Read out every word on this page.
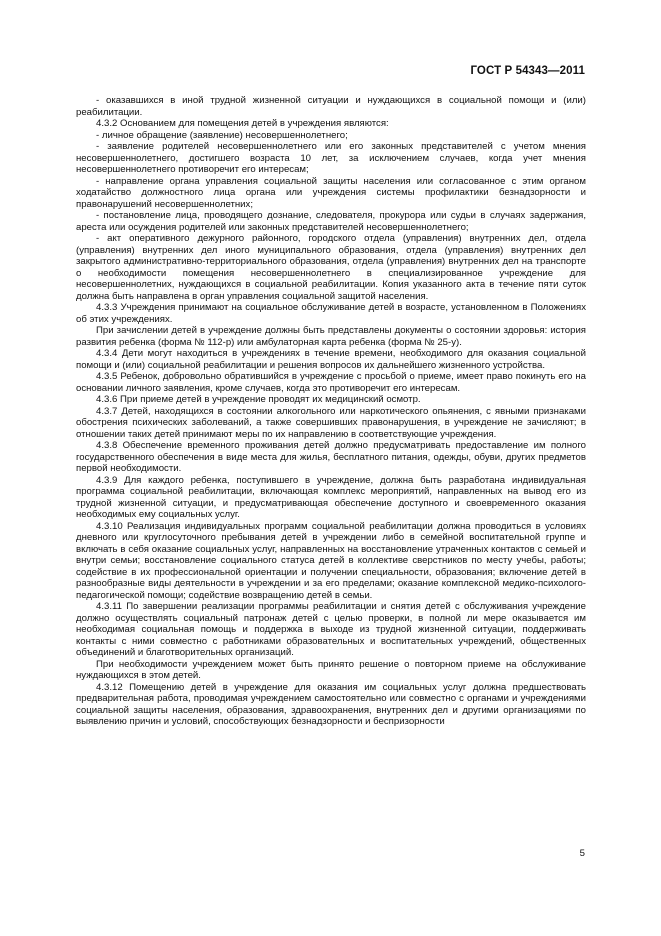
ГОСТ Р 54343—2011

- оказавшихся в иной трудной жизненной ситуации и нуждающихся в социальной помощи и (или) реабилитации.

4.3.2 Основанием для помещения детей в учреждения являются:

- личное обращение (заявление) несовершеннолетнего;

- заявление родителей несовершеннолетнего или его законных представителей с учетом мнения несовершеннолетнего, достигшего возраста 10 лет, за исключением случаев, когда учет мнения несовершеннолетнего противоречит его интересам;

- направление органа управления социальной защиты населения или согласованное с этим органом ходатайство должностного лица органа или учреждения системы профилактики безнадзорности и правонарушений несовершеннолетних;

- постановление лица, проводящего дознание, следователя, прокурора или судьи в случаях задержания, ареста или осуждения родителей или законных представителей несовершеннолетнего;

- акт оперативного дежурного районного, городского отдела (управления) внутренних дел, отдела (управления) внутренних дел иного муниципального образования, отдела (управления) внутренних дел закрытого административно-территориального образования, отдела (управления) внутренних дел на транспорте о необходимости помещения несовершеннолетнего в специализированное учреждение для несовершеннолетних, нуждающихся в социальной реабилитации. Копия указанного акта в течение пяти суток должна быть направлена в орган управления социальной защитой населения.

4.3.3 Учреждения принимают на социальное обслуживание детей в возрасте, установленном в Положениях об этих учреждениях.

При зачислении детей в учреждение должны быть представлены документы о состоянии здоровья: история развития ребенка (форма № 112-р) или амбулаторная карта ребенка (форма № 25-у).

4.3.4 Дети могут находиться в учреждениях в течение времени, необходимого для оказания социальной помощи и (или) социальной реабилитации и решения вопросов их дальнейшего жизненного устройства.

4.3.5 Ребенок, добровольно обратившийся в учреждение с просьбой о приеме, имеет право покинуть его на основании личного заявления, кроме случаев, когда это противоречит его интересам.

4.3.6 При приеме детей в учреждение проводят их медицинский осмотр.

4.3.7 Детей, находящихся в состоянии алкогольного или наркотического опьянения, с явными признаками обострения психических заболеваний, а также совершивших правонарушения, в учреждение не зачисляют; в отношении таких детей принимают меры по их направлению в соответствующие учреждения.

4.3.8 Обеспечение временного проживания детей должно предусматривать предоставление им полного государственного обеспечения в виде места для жилья, бесплатного питания, одежды, обуви, других предметов первой необходимости.

4.3.9 Для каждого ребенка, поступившего в учреждение, должна быть разработана индивидуальная программа социальной реабилитации, включающая комплекс мероприятий, направленных на вывод его из трудной жизненной ситуации, и предусматривающая обеспечение доступного и своевременного оказания необходимых ему социальных услуг.

4.3.10 Реализация индивидуальных программ социальной реабилитации должна проводиться в условиях дневного или круглосуточного пребывания детей в учреждении либо в семейной воспитательной группе и включать в себя оказание социальных услуг, направленных на восстановление утраченных контактов с семьей и внутри семьи; восстановление социального статуса детей в коллективе сверстников по месту учебы, работы; содействие в их профессиональной ориентации и получении специальности, образования; включение детей в разнообразные виды деятельности в учреждении и за его пределами; оказание комплексной медико-психолого-педагогической помощи; содействие возвращению детей в семьи.

4.3.11 По завершении реализации программы реабилитации и снятия детей с обслуживания учреждение должно осуществлять социальный патронаж детей с целью проверки, в полной ли мере оказывается им необходимая социальная помощь и поддержка в выходе из трудной жизненной ситуации, поддерживать контакты с ними совместно с работниками образовательных и воспитательных учреждений, общественных объединений и благотворительных организаций.

При необходимости учреждением может быть принято решение о повторном приеме на обслуживание нуждающихся в этом детей.

4.3.12 Помещению детей в учреждение для оказания им социальных услуг должна предшествовать предварительная работа, проводимая учреждением самостоятельно или совместно с органами и учреждениями социальной защиты населения, образования, здравоохранения, внутренних дел и другими организациями по выявлению причин и условий, способствующих безнадзорности и беспризорности

5
